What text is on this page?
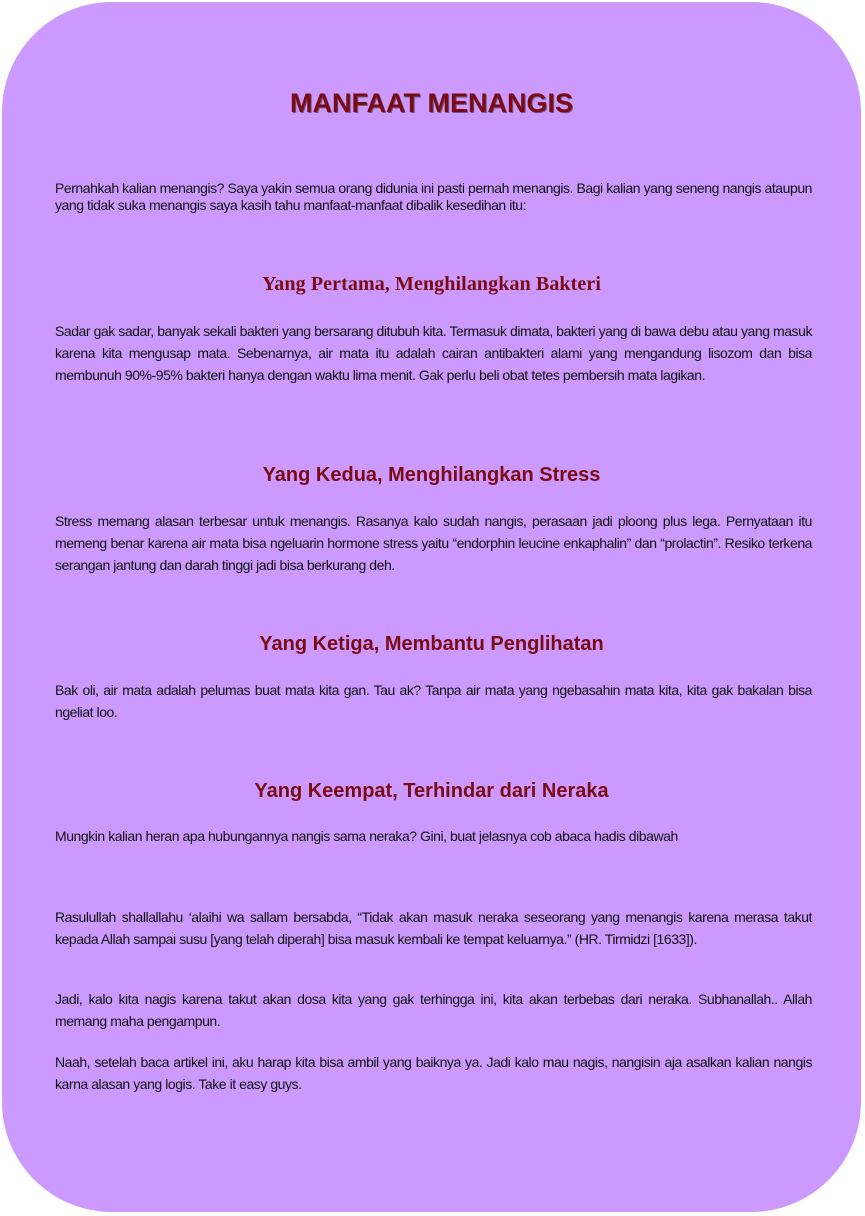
MANFAAT MENANGIS

Pernahkah kalian menangis? Saya yakin semua orang didunia ini pasti pernah menangis. Bagi kalian yang seneng nangis ataupun yang tidak suka menangis saya kasih tahu manfaat-manfaat dibalik kesedihan itu:

Yang Pertama, Menghilangkan Bakteri

Sadar gak sadar, banyak sekali bakteri yang bersarang ditubuh kita. Termasuk dimata, bakteri yang di bawa debu atau yang masuk karena kita mengusap mata. Sebenarnya, air mata itu adalah cairan antibakteri alami yang mengandung lisozom dan bisa membunuh 90%-95% bakteri hanya dengan waktu lima menit. Gak perlu beli obat tetes pembersih mata lagikan.

Yang Kedua, Menghilangkan Stress

Stress memang alasan terbesar untuk menangis. Rasanya kalo sudah nangis, perasaan jadi ploong plus lega. Pernyataan itu memeng benar karena air mata bisa ngeluarin hormone stress yaitu “endorphin leucine enkaphalin” dan “prolactin”. Resiko terkena serangan jantung dan darah tinggi jadi bisa berkurang deh.

Yang Ketiga, Membantu Penglihatan

Bak oli, air mata adalah pelumas buat mata kita gan. Tau ak? Tanpa air mata yang ngebasahin mata kita, kita gak bakalan bisa ngeliat loo.

Yang Keempat, Terhindar dari Neraka

Mungkin kalian heran apa hubungannya nangis sama neraka? Gini, buat jelasnya cob abaca hadis dibawah

Rasulullah shallallahu ‘alaihi wa sallam bersabda, “Tidak akan masuk neraka seseorang yang menangis karena merasa takut kepada Allah sampai susu [yang telah diperah] bisa masuk kembali ke tempat keluarnya.” (HR. Tirmidzi [1633]).

Jadi, kalo kita nagis karena takut akan dosa kita yang gak terhingga ini, kita akan terbebas dari neraka. Subhanallah.. Allah memang maha pengampun.

Naah, setelah baca artikel ini, aku harap kita bisa ambil yang baiknya ya. Jadi kalo mau nagis, nangisin aja asalkan kalian nangis karna alasan yang logis. Take it easy guys.
